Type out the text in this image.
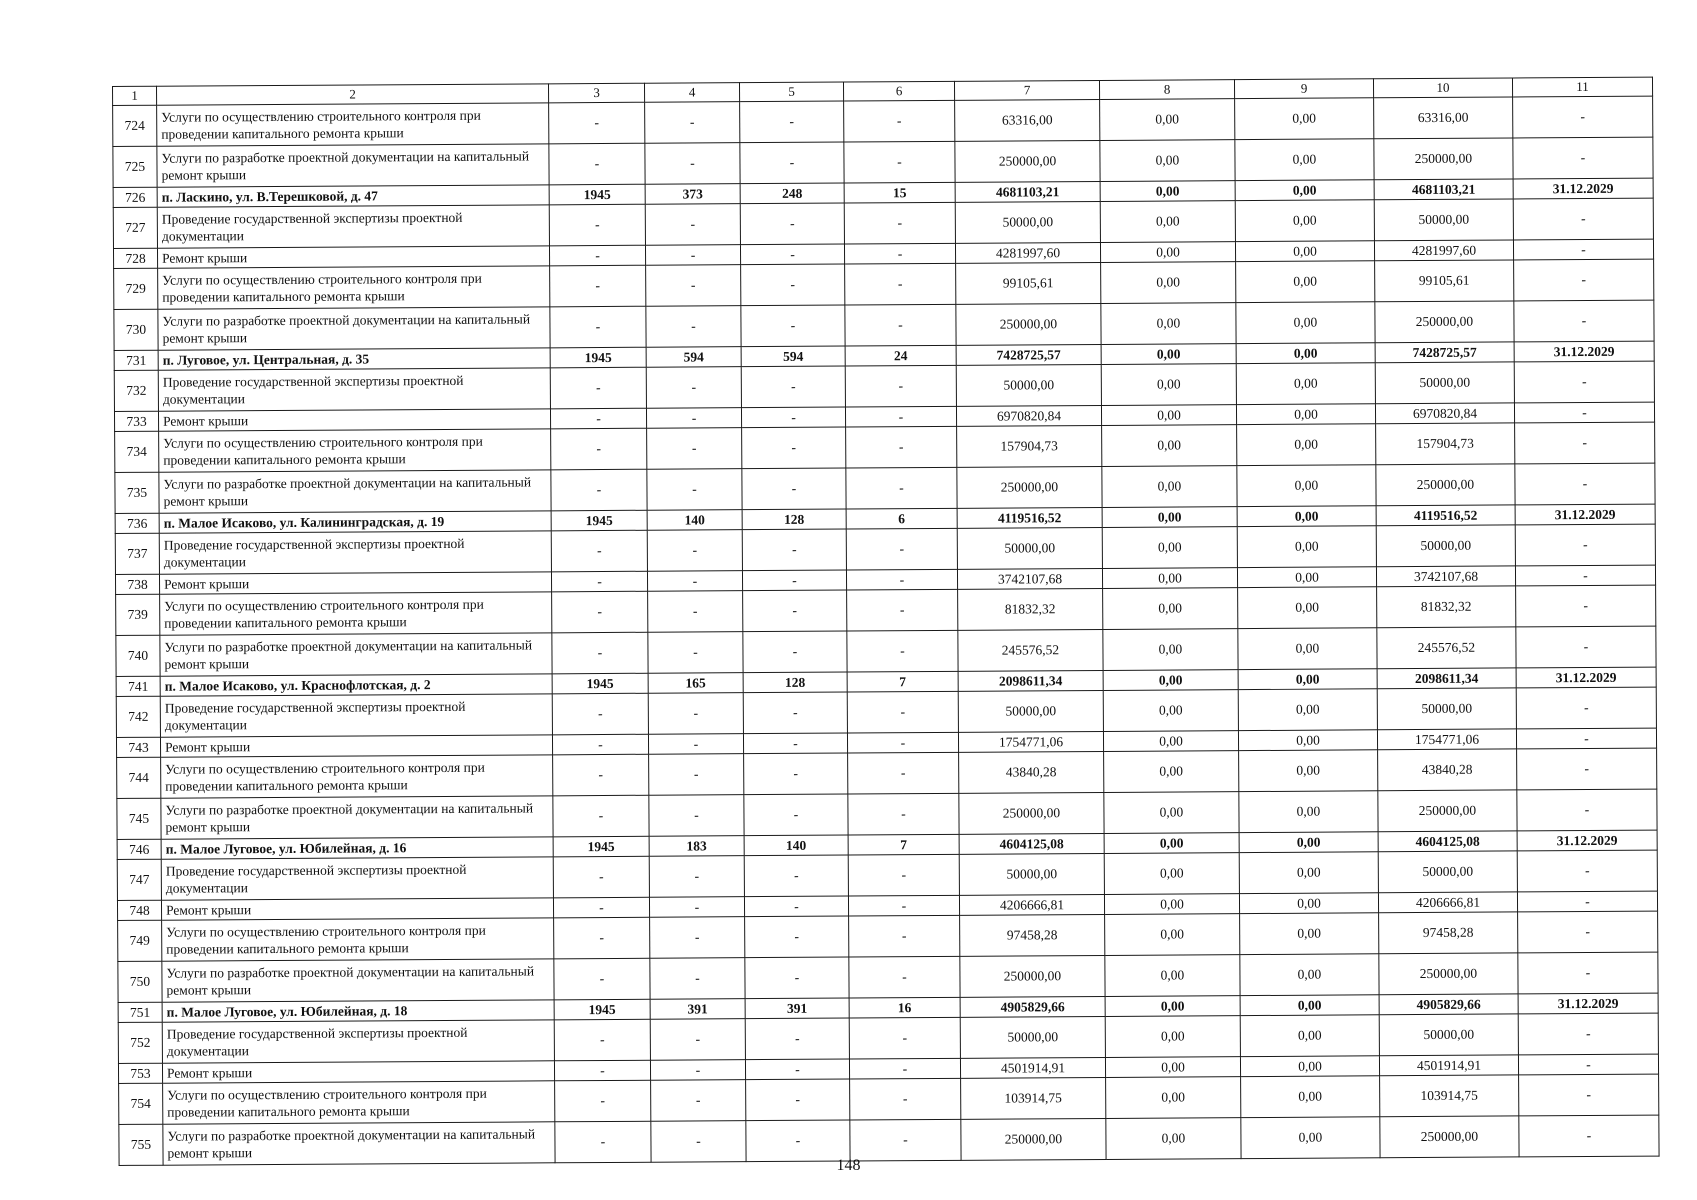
1	2	3	4	5	6	7	8	9	10	11
724	Услуги по осуществлению строительного контроля при проведении капитального ремонта крыши	-	-	-	-	63316,00	0,00	0,00	63316,00	-
725	Услуги по разработке проектной документации на капитальный ремонт крыши	-	-	-	-	250000,00	0,00	0,00	250000,00	-
726	п. Ласкино, ул. В.Терешковой, д. 47	1945	373	248	15	4681103,21	0,00	0,00	4681103,21	31.12.2029
727	Проведение государственной экспертизы проектной документации	-	-	-	-	50000,00	0,00	0,00	50000,00	-
728	Ремонт крыши	-	-	-	-	4281997,60	0,00	0,00	4281997,60	-
729	Услуги по осуществлению строительного контроля при проведении капитального ремонта крыши	-	-	-	-	99105,61	0,00	0,00	99105,61	-
730	Услуги по разработке проектной документации на капитальный ремонт крыши	-	-	-	-	250000,00	0,00	0,00	250000,00	-
731	п. Луговое, ул. Центральная, д. 35	1945	594	594	24	7428725,57	0,00	0,00	7428725,57	31.12.2029
732	Проведение государственной экспертизы проектной документации	-	-	-	-	50000,00	0,00	0,00	50000,00	-
733	Ремонт крыши	-	-	-	-	6970820,84	0,00	0,00	6970820,84	-
734	Услуги по осуществлению строительного контроля при проведении капитального ремонта крыши	-	-	-	-	157904,73	0,00	0,00	157904,73	-
735	Услуги по разработке проектной документации на капитальный ремонт крыши	-	-	-	-	250000,00	0,00	0,00	250000,00	-
736	п. Малое Исаково, ул. Калининградская, д. 19	1945	140	128	6	4119516,52	0,00	0,00	4119516,52	31.12.2029
737	Проведение государственной экспертизы проектной документации	-	-	-	-	50000,00	0,00	0,00	50000,00	-
738	Ремонт крыши	-	-	-	-	3742107,68	0,00	0,00	3742107,68	-
739	Услуги по осуществлению строительного контроля при проведении капитального ремонта крыши	-	-	-	-	81832,32	0,00	0,00	81832,32	-
740	Услуги по разработке проектной документации на капитальный ремонт крыши	-	-	-	-	245576,52	0,00	0,00	245576,52	-
741	п. Малое Исаково, ул. Краснофлотская, д. 2	1945	165	128	7	2098611,34	0,00	0,00	2098611,34	31.12.2029
742	Проведение государственной экспертизы проектной документации	-	-	-	-	50000,00	0,00	0,00	50000,00	-
743	Ремонт крыши	-	-	-	-	1754771,06	0,00	0,00	1754771,06	-
744	Услуги по осуществлению строительного контроля при проведении капитального ремонта крыши	-	-	-	-	43840,28	0,00	0,00	43840,28	-
745	Услуги по разработке проектной документации на капитальный ремонт крыши	-	-	-	-	250000,00	0,00	0,00	250000,00	-
746	п. Малое Луговое, ул. Юбилейная, д. 16	1945	183	140	7	4604125,08	0,00	0,00	4604125,08	31.12.2029
747	Проведение государственной экспертизы проектной документации	-	-	-	-	50000,00	0,00	0,00	50000,00	-
748	Ремонт крыши	-	-	-	-	4206666,81	0,00	0,00	4206666,81	-
749	Услуги по осуществлению строительного контроля при проведении капитального ремонта крыши	-	-	-	-	97458,28	0,00	0,00	97458,28	-
750	Услуги по разработке проектной документации на капитальный ремонт крыши	-	-	-	-	250000,00	0,00	0,00	250000,00	-
751	п. Малое Луговое, ул. Юбилейная, д. 18	1945	391	391	16	4905829,66	0,00	0,00	4905829,66	31.12.2029
752	Проведение государственной экспертизы проектной документации	-	-	-	-	50000,00	0,00	0,00	50000,00	-
753	Ремонт крыши	-	-	-	-	4501914,91	0,00	0,00	4501914,91	-
754	Услуги по осуществлению строительного контроля при проведении капитального ремонта крыши	-	-	-	-	103914,75	0,00	0,00	103914,75	-
755	Услуги по разработке проектной документации на капитальный ремонт крыши	-	-	-	-	250000,00	0,00	0,00	250000,00	-
148
